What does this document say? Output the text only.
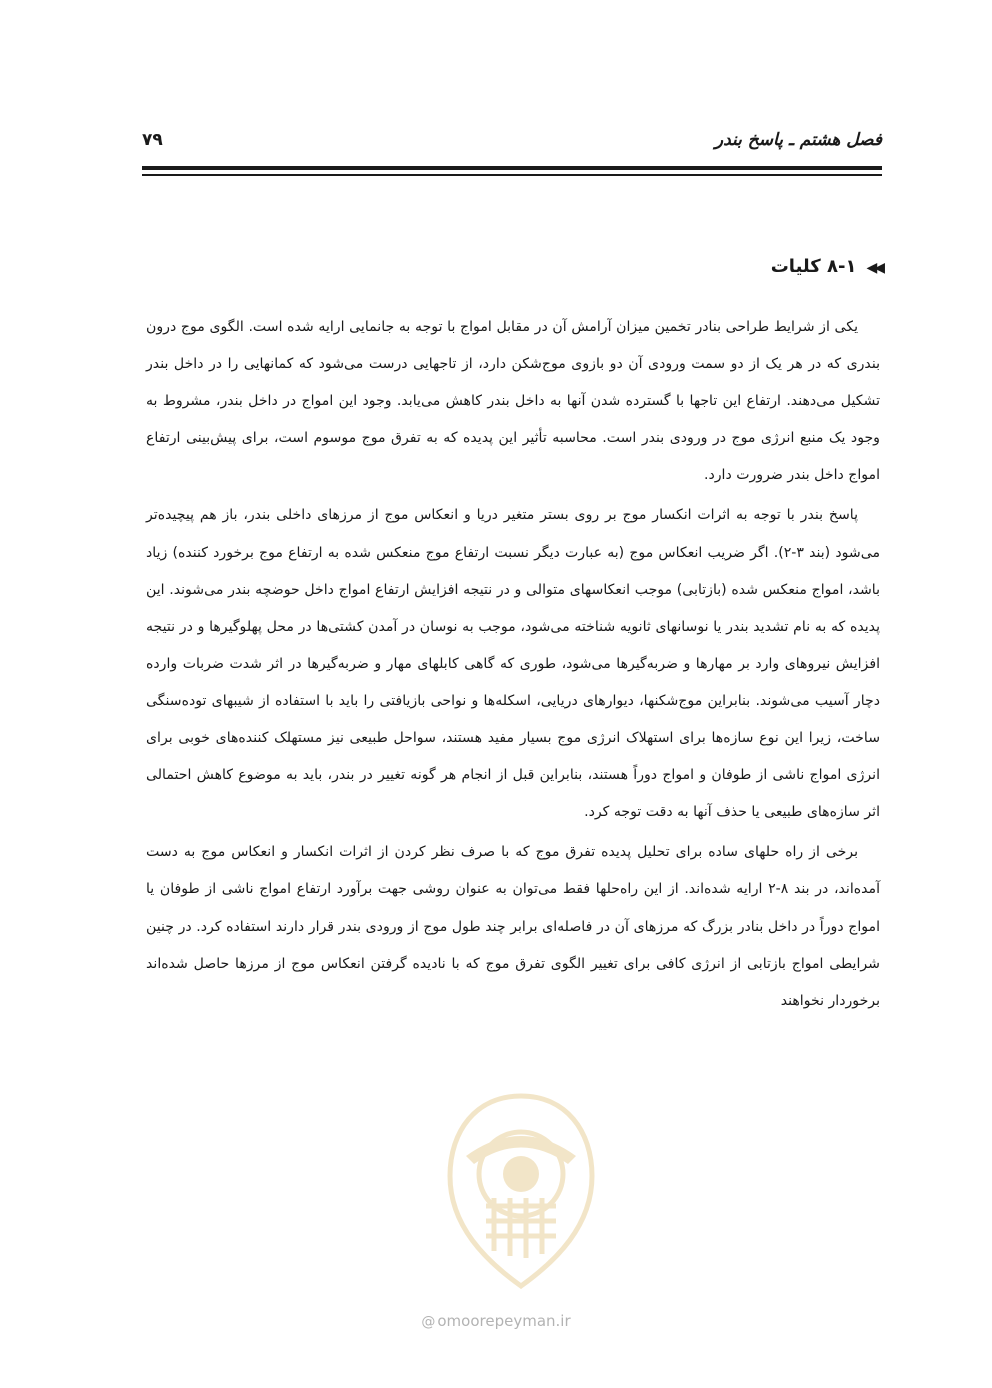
فصل هشتم ـ پاسخ بندر
۷۹
◀◀۸-۱ کلیات

یکی از شرایط طراحی بنادر تخمین میزان آرامش آن در مقابل امواج با توجه به جانمایی ارایه شده است. الگوی موج درون بندری که در هر یک از دو سمت ورودی آن دو بازوی موج‌شکن دارد، از تاجهایی درست می‌شود که کمانهایی را در داخل بندر تشکیل می‌دهند. ارتفاع این تاجها با گسترده شدن آنها به داخل بندر کاهش می‌یابد. وجود این امواج در داخل بندر، مشروط به وجود یک منبع انرژی موج در ورودی بندر است. محاسبه تأثیر این پدیده که به تفرق موج موسوم است، برای پیش‌بینی ارتفاع امواج داخل بندر ضرورت دارد.

پاسخ بندر با توجه به اثرات انکسار موج بر روی بستر متغیر دریا و انعکاس موج از مرزهای داخلی بندر، باز هم پیچیده‌تر می‌شود (بند ۳-۲). اگر ضریب انعکاس موج (به عبارت دیگر نسبت ارتفاع موج منعکس شده به ارتفاع موج برخورد کننده) زیاد باشد، امواج منعکس شده (بازتابی) موجب انعکاسهای متوالی و در نتیجه افزایش ارتفاع امواج داخل حوضچه بندر می‌شوند. این پدیده که به نام تشدید بندر یا نوسانهای ثانویه شناخته می‌شود، موجب به نوسان در آمدن کشتی‌ها در محل پهلوگیرها و در نتیجه افزایش نیروهای وارد بر مهارها و ضربه‌گیرها می‌شود، طوری که گاهی کابلهای مهار و ضربه‌گیرها در اثر شدت ضربات وارده دچار آسیب می‌شوند. بنابراین موج‌شکنها، دیوارهای دریایی، اسکله‌ها و نواحی بازیافتی را باید با استفاده از شیبهای توده‌سنگی ساخت، زیرا این نوع سازه‌ها برای استهلاک انرژی موج بسیار مفید هستند، سواحل طبیعی نیز مستهلک کننده‌های خوبی برای انرژی امواج ناشی از طوفان و امواج دوراً هستند، بنابراین قبل از انجام هر گونه تغییر در بندر، باید به موضوع کاهش احتمالی اثر سازه‌های طبیعی یا حذف آنها به دقت توجه کرد.

برخی از راه حلهای ساده برای تحلیل پدیده تفرق موج که با صرف نظر کردن از اثرات انکسار و انعکاس موج به دست آمده‌اند، در بند ۸-۲ ارایه شده‌اند. از این راه‌حلها فقط می‌توان به عنوان روشی جهت برآورد ارتفاع امواج ناشی از طوفان یا امواج دوراً در داخل بنادر بزرگ که مرزهای آن در فاصله‌ای برابر چند طول موج از ورودی بندر قرار دارند استفاده کرد. در چنین شرایطی امواج بازتابی از انرژی کافی برای تغییر الگوی تفرق موج که با نادیده گرفتن انعکاس موج از مرزها حاصل شده‌اند برخوردار نخواهند

@ omoorepeyman.ir
